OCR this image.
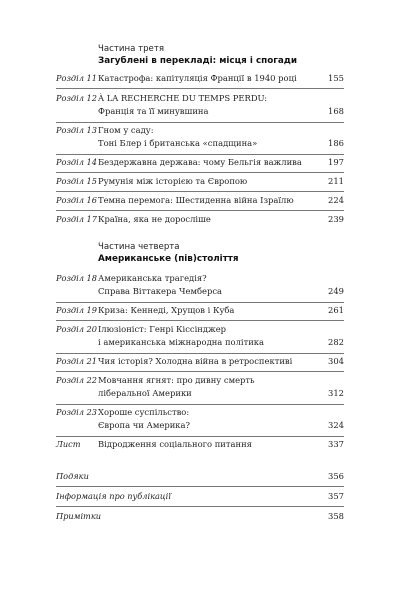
Частина третя
Загублені в перекладі: місця і спогади
Розділ 11 Катастрофа: капітуляція Франції в 1940 році	155
Розділ 12 À LA RECHERCHE DU TEMPS PERDU:
Франція та її минувшина	168
Розділ 13 Гном у саду:
Тоні Блер і британська «спадщина»	186
Розділ 14 Бездержавна держава: чому Бельгія важлива	197
Розділ 15 Румунія між історією та Європою	211
Розділ 16 Темна перемога: Шестиденна війна Ізраїлю	224
Розділ 17 Країна, яка не доросліше	239
Частина четверта
Американське (пів)століття
Розділ 18 Американська трагедія?
Справа Віттакера Чемберса	249
Розділ 19 Криза: Кеннеді, Хрущов і Куба	261
Розділ 20 Ілюзіоніст: Генрі Кіссінджер
і американська міжнародна політика	282
Розділ 21 Чия історія? Холодна війна в ретроспективі	304
Розділ 22 Мовчання ягнят: про дивну смерть
ліберальної Америки	312
Розділ 23 Хороше суспільство:
Європа чи Америка?	324
Лист	Відродження соціального питання	337
Подяки	356
Інформація про публікації	357
Примітки	358
